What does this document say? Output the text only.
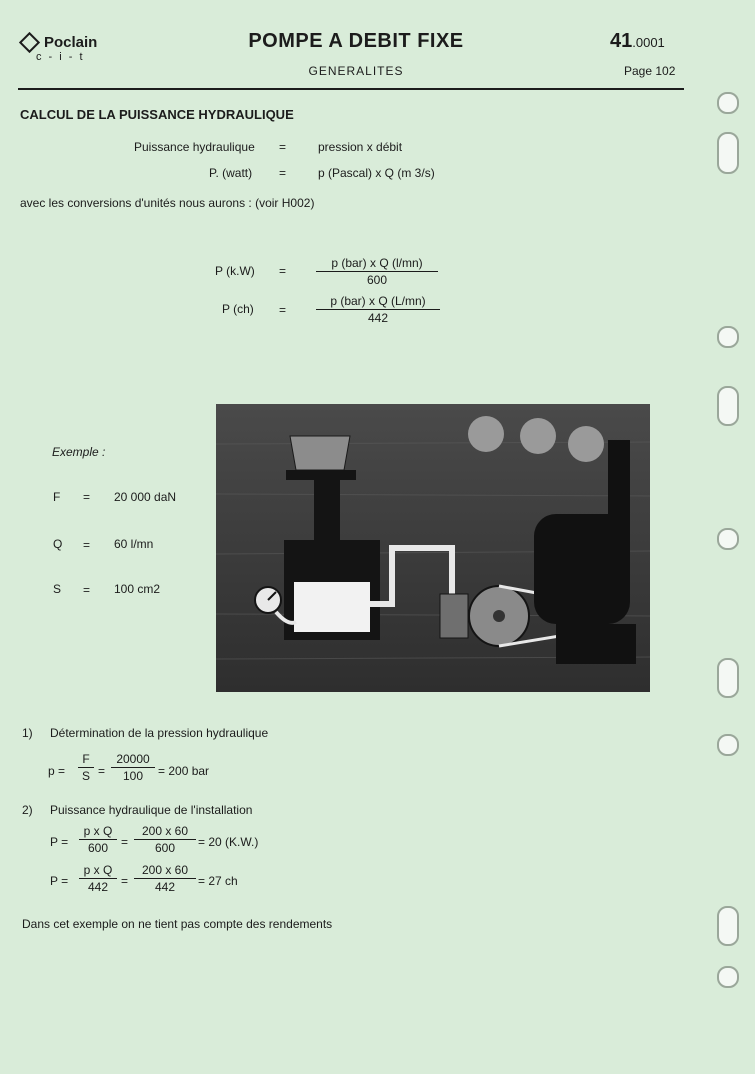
Poclain
c - i - t
POMPE A DEBIT FIXE
GENERALITES
41.0001
Page 102
CALCUL DE LA PUISSANCE HYDRAULIQUE
Puissance hydraulique =	pression x débit
P. (watt) =	p (Pascal) x Q (m 3/s)
avec les conversions d'unités nous aurons : (voir H002)
P (k.W) =
p (bar) x Q (l/mn)
600
P (ch) =
p (bar) x Q (L/mn)
442
Exemple :
F = 20 000 daN
Q = 60 l/mn
S = 100 cm2
1) Détermination de la pression hydraulique
$p = \frac{F}{S} = \frac{20000}{100} = 200$ bar
2) Puissance hydraulique de l'installation
$P = \frac{\text{p x Q}}{600} = \frac{200 x 60}{600} = 20$ (K.W.)
$P = \frac{\text{p x Q}}{442} = \frac{200 x 60}{442} = 27$ ch
Dans cet exemple on ne tient pas compte des rendements
